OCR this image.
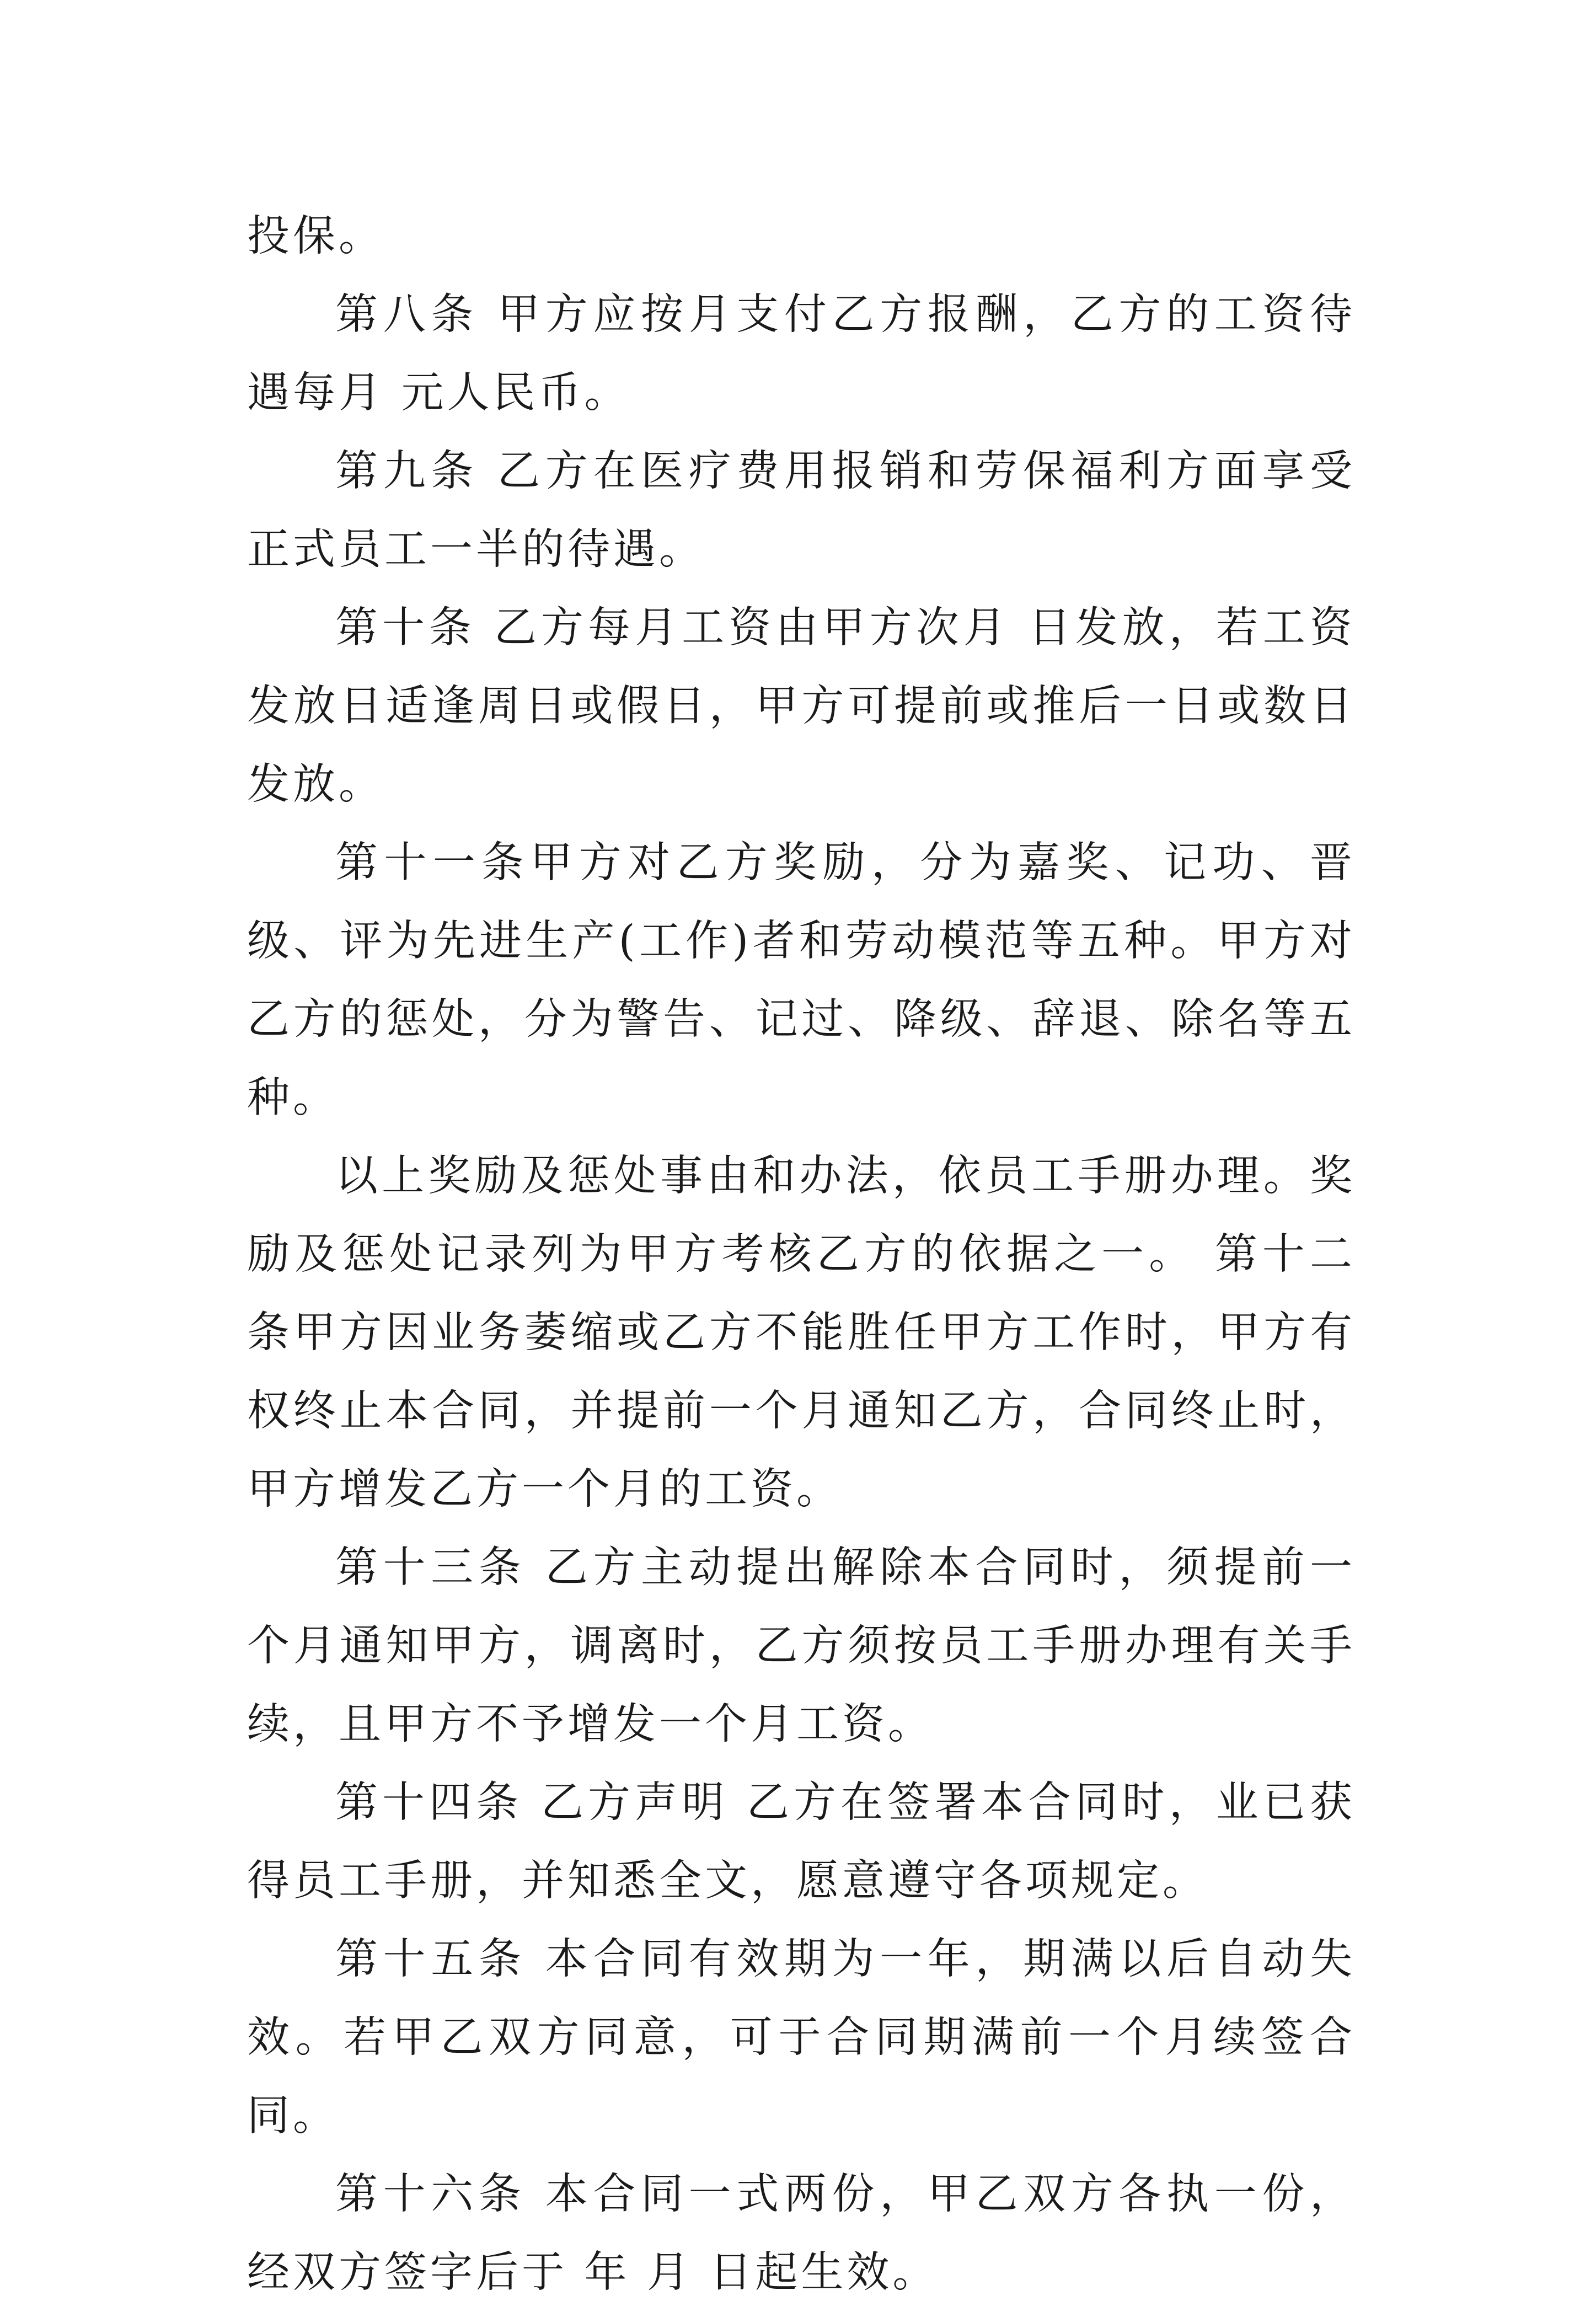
投保。

第八条 甲方应按月支付乙方报酬，乙方的工资待遇每月 元人民币。

第九条 乙方在医疗费用报销和劳保福利方面享受正式员工一半的待遇。

第十条 乙方每月工资由甲方次月 日发放，若工资发放日适逢周日或假日，甲方可提前或推后一日或数日发放。

第十一条甲方对乙方奖励，分为嘉奖、记功、晋级、评为先进生产(工作)者和劳动模范等五种。甲方对乙方的惩处，分为警告、记过、降级、辞退、除名等五种。

以上奖励及惩处事由和办法，依员工手册办理。奖励及惩处记录列为甲方考核乙方的依据之一。 第十二条甲方因业务萎缩或乙方不能胜任甲方工作时，甲方有权终止本合同，并提前一个月通知乙方，合同终止时，甲方增发乙方一个月的工资。

第十三条 乙方主动提出解除本合同时，须提前一个月通知甲方，调离时，乙方须按员工手册办理有关手续，且甲方不予增发一个月工资。

第十四条 乙方声明 乙方在签署本合同时，业已获得员工手册，并知悉全文，愿意遵守各项规定。

第十五条 本合同有效期为一年，期满以后自动失效。若甲乙双方同意，可于合同期满前一个月续签合同。

第十六条 本合同一式两份，甲乙双方各执一份，经双方签字后于 年 月 日起生效。
